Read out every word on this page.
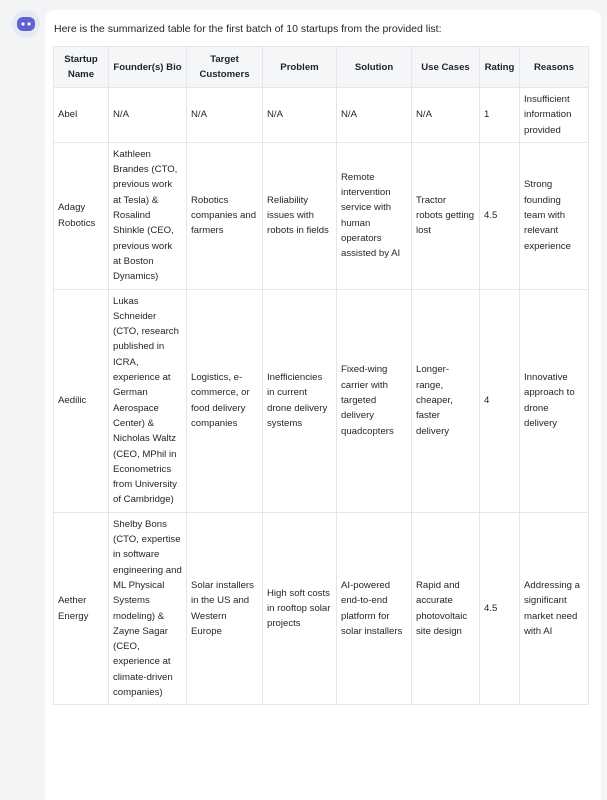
Here is the summarized table for the first batch of 10 startups from the provided list:
Startup Name	Founder(s) Bio	Target Customers	Problem	Solution	Use Cases	Rating	Reasons
Abel	N/A	N/A	N/A	N/A	N/A	1	Insufficient information provided
Adagy Robotics	Kathleen Brandes (CTO, previous work at Tesla) & Rosalind Shinkle (CEO, previous work at Boston Dynamics)	Robotics companies and farmers	Reliability issues with robots in fields	Remote intervention service with human operators assisted by AI	Tractor robots getting lost	4.5	Strong founding team with relevant experience
Aedilic	Lukas Schneider (CTO, research published in ICRA, experience at German Aerospace Center) & Nicholas Waltz (CEO, MPhil in Econometrics from University of Cambridge)	Logistics, e-commerce, or food delivery companies	Inefficiencies in current drone delivery systems	Fixed-wing carrier with targeted delivery quadcopters	Longer-range, cheaper, faster delivery	4	Innovative approach to drone delivery
Aether Energy	Shelby Bons (CTO, expertise in software engineering and ML Physical Systems modeling) & Zayne Sagar (CEO, experience at climate-driven companies)	Solar installers in the US and Western Europe	High soft costs in rooftop solar projects	AI-powered end-to-end platform for solar installers	Rapid and accurate photovoltaic site design	4.5	Addressing a significant market need with AI
